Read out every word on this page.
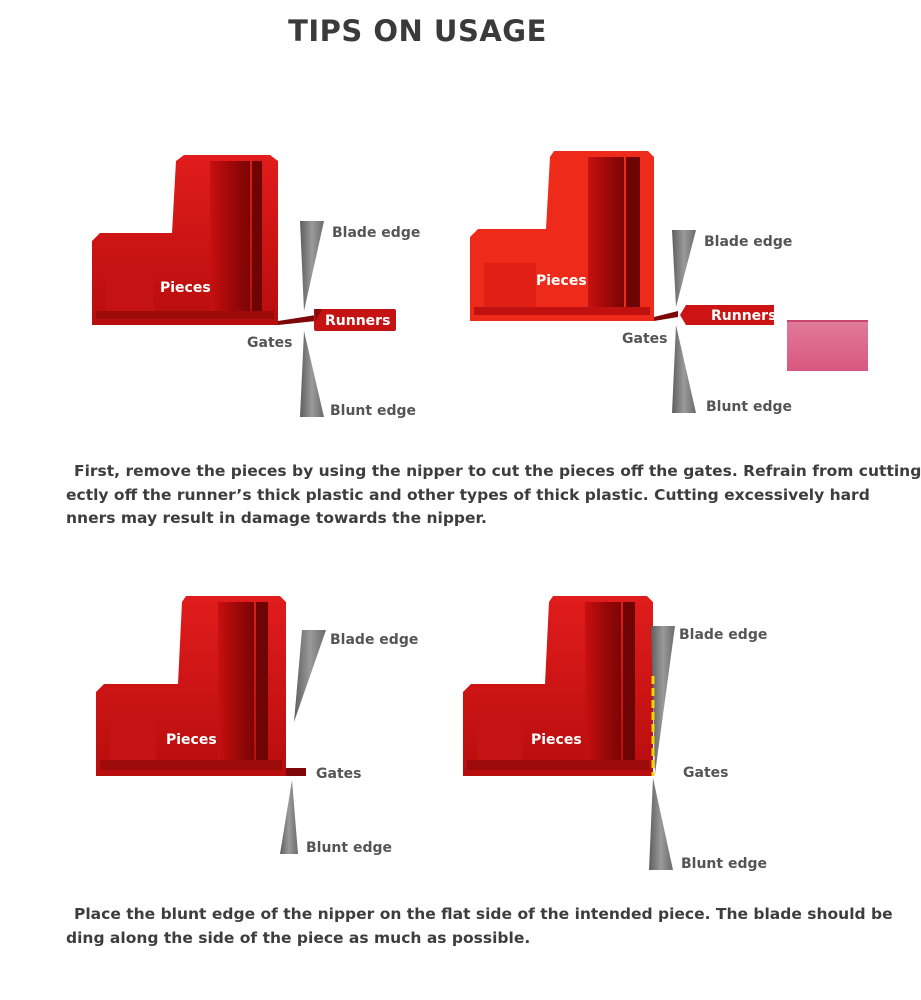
TIPS ON USAGE
Pieces
Runners
Blade edge
Gates
Blunt edge
Pieces
Runners
Blade edge
Gates
Blunt edge
First, remove the pieces by using the nipper to cut the pieces off the gates. Refrain from cutting
ectly off the runner’s thick plastic and other types of thick plastic. Cutting excessively hard
nners may result in damage towards the nipper.
Pieces
Blade edge
Gates
Blunt edge
Pieces
Blade edge
Gates
Blunt edge
Place the blunt edge of the nipper on the flat side of the intended piece. The blade should be
ding along the side of the piece as much as possible.
